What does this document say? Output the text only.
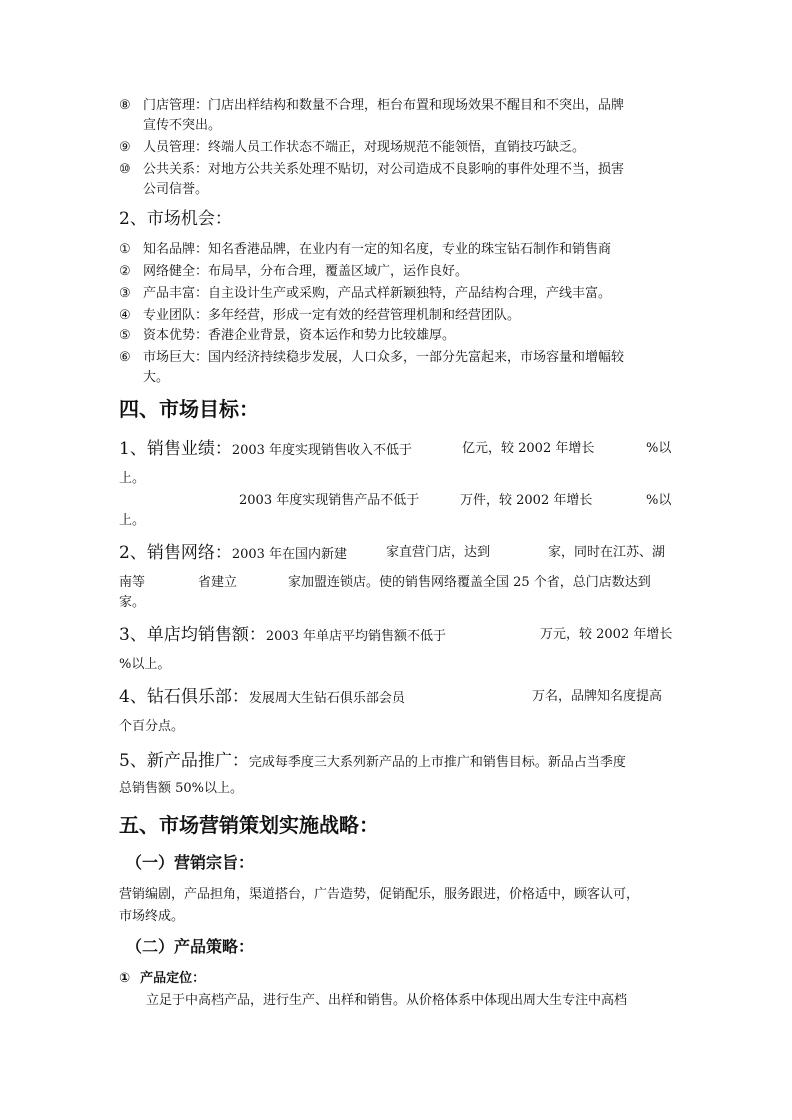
⑧ 门店管理：门店出样结构和数量不合理，柜台布置和现场效果不醒目和不突出，品牌
宣传不突出。
⑨ 人员管理：终端人员工作状态不端正，对现场规范不能领悟，直销技巧缺乏。
⑩ 公共关系：对地方公共关系处理不贴切，对公司造成不良影响的事件处理不当，损害
公司信誉。
2、市场机会：
① 知名品牌：知名香港品牌，在业内有一定的知名度，专业的珠宝钻石制作和销售商
② 网络健全：布局早，分布合理，覆盖区域广，运作良好。
③ 产品丰富：自主设计生产或采购，产品式样新颖独特，产品结构合理，产线丰富。
④ 专业团队：多年经营，形成一定有效的经营管理机制和经营团队。
⑤ 资本优势：香港企业背景，资本运作和势力比较雄厚。
⑥ 市场巨大：国内经济持续稳步发展，人口众多，一部分先富起来，市场容量和增幅较
大。
四、市场目标：
1、销售业绩：2003 年度实现销售收入不低于	亿元，较 2002 年增长	%以
上。
2003 年度实现销售产品不低于	万件，较 2002 年增长	%以
上。
2、销售网络：2003 年在国内新建	家直营门店，达到	家，同时在江苏、湖
南等	省建立	家加盟连锁店。使的销售网络覆盖全国 25 个省，总门店数达到
家。
3、单店均销售额：2003 年单店平均销售额不低于	万元，较 2002 年增长
%以上。
4、钻石俱乐部：发展周大生钻石俱乐部会员	万名，品牌知名度提高
个百分点。
5、新产品推广：完成每季度三大系列新产品的上市推广和销售目标。新品占当季度
总销售额 50%以上。
五、市场营销策划实施战略：
（一）营销宗旨：
营销编剧，产品担角，渠道搭台，广告造势，促销配乐，服务跟进，价格适中，顾客认可，
市场终成。
（二）产品策略：
① 产品定位：
立足于中高档产品，进行生产、出样和销售。从价格体系中体现出周大生专注中高档
